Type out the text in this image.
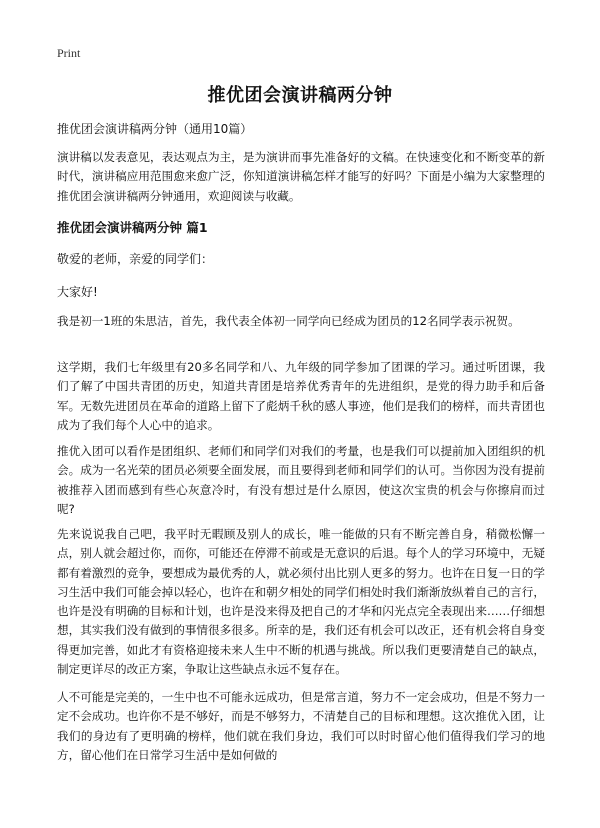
Print
推优团会演讲稿两分钟
推优团会演讲稿两分钟（通用10篇）

演讲稿以发表意见，表达观点为主，是为演讲而事先准备好的文稿。在快速变化和不断变革的新时代，演讲稿应用范围愈来愈广泛，你知道演讲稿怎样才能写的好吗？下面是小编为大家整理的推优团会演讲稿两分钟通用，欢迎阅读与收藏。

推优团会演讲稿两分钟 篇1
敬爱的老师，亲爱的同学们：
大家好!

我是初一1班的朱思洁，首先，我代表全体初一同学向已经成为团员的12名同学表示祝贺。

这学期，我们七年级里有20多名同学和八、九年级的同学参加了团课的学习。通过听团课，我们了解了中国共青团的历史，知道共青团是培养优秀青年的先进组织，是党的得力助手和后备军。无数先进团员在革命的道路上留下了彪炳千秋的感人事迹，他们是我们的榜样，而共青团也成为了我们每个人心中的追求。

推优入团可以看作是团组织、老师们和同学们对我们的考量，也是我们可以提前加入团组织的机会。成为一名光荣的团员必须要全面发展，而且要得到老师和同学们的认可。当你因为没有提前被推荐入团而感到有些心灰意冷时，有没有想过是什么原因，使这次宝贵的机会与你擦肩而过呢?

先来说说我自己吧，我平时无暇顾及别人的成长，唯一能做的只有不断完善自身，稍微松懈一点，别人就会超过你，而你，可能还在停滞不前或是无意识的后退。每个人的学习环境中，无疑都有着激烈的竞争，要想成为最优秀的人，就必须付出比别人更多的努力。也许在日复一日的学习生活中我们可能会掉以轻心，也许在和朝夕相处的同学们相处时我们渐渐放纵着自己的言行，也许是没有明确的目标和计划，也许是没来得及把自己的才华和闪光点完全表现出来……仔细想想，其实我们没有做到的事情很多很多。所幸的是，我们还有机会可以改正，还有机会将自身变得更加完善，如此才有资格迎接未来人生中不断的机遇与挑战。所以我们更要清楚自己的缺点，制定更详尽的改正方案，争取让这些缺点永远不复存在。

人不可能是完美的，一生中也不可能永远成功，但是常言道，努力不一定会成功，但是不努力一定不会成功。也许你不是不够好，而是不够努力，不清楚自己的目标和理想。这次推优入团，让我们的身边有了更明确的榜样，他们就在我们身边，我们可以时时留心他们值得我们学习的地方，留心他们在日常学习生活中是如何做的
